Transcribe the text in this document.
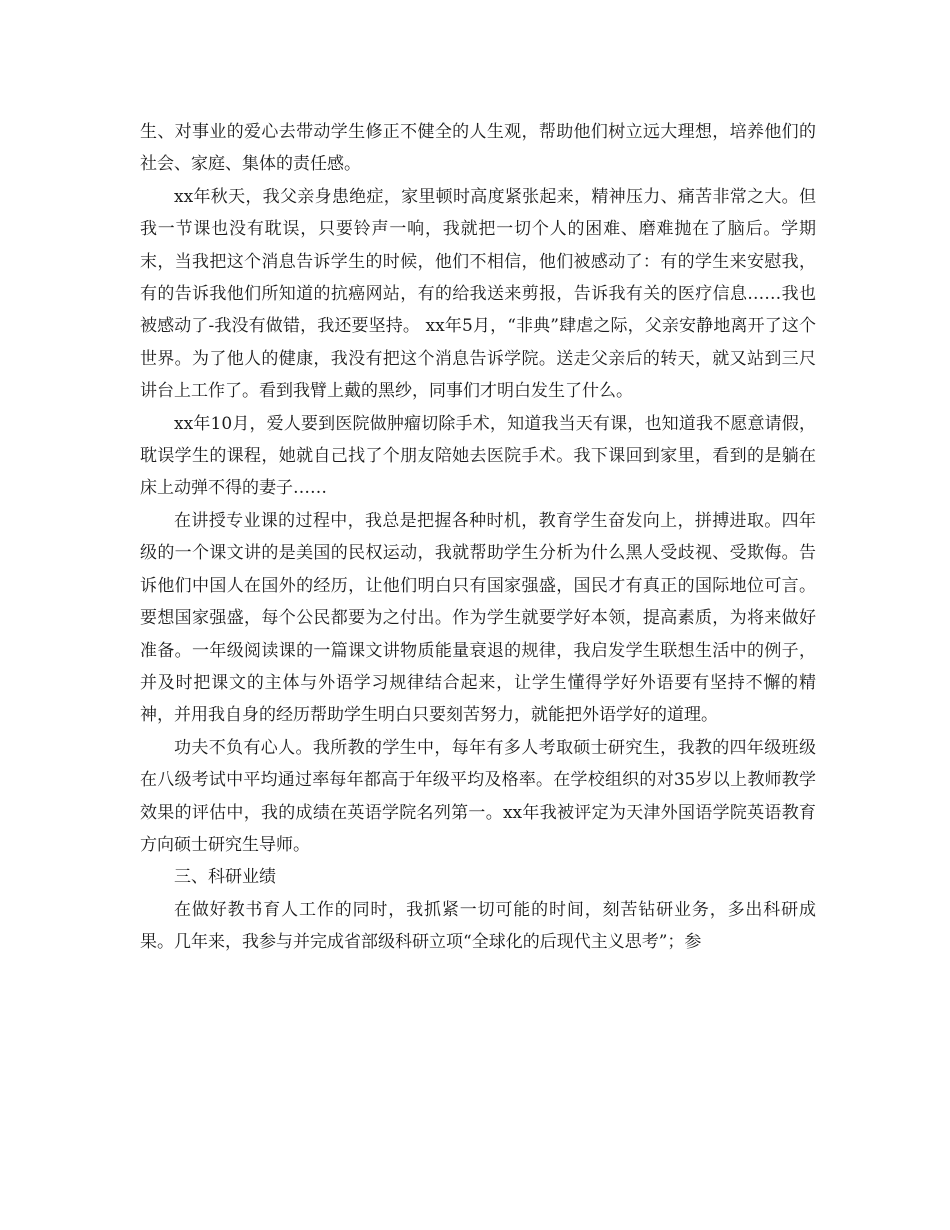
生、对事业的爱心去带动学生修正不健全的人生观，帮助他们树立远大理想，培养他们的社会、家庭、集体的责任感。

xx年秋天，我父亲身患绝症，家里顿时高度紧张起来，精神压力、痛苦非常之大。但我一节课也没有耽误，只要铃声一响，我就把一切个人的困难、磨难抛在了脑后。学期末，当我把这个消息告诉学生的时候，他们不相信，他们被感动了：有的学生来安慰我，有的告诉我他们所知道的抗癌网站，有的给我送来剪报，告诉我有关的医疗信息……我也被感动了-我没有做错，我还要坚持。 xx年5月，“非典”肆虐之际，父亲安静地离开了这个世界。为了他人的健康，我没有把这个消息告诉学院。送走父亲后的转天，就又站到三尺讲台上工作了。看到我臂上戴的黑纱，同事们才明白发生了什么。

xx年10月，爱人要到医院做肿瘤切除手术，知道我当天有课，也知道我不愿意请假，耽误学生的课程，她就自己找了个朋友陪她去医院手术。我下课回到家里，看到的是躺在床上动弹不得的妻子……

在讲授专业课的过程中，我总是把握各种时机，教育学生奋发向上，拼搏进取。四年级的一个课文讲的是美国的民权运动，我就帮助学生分析为什么黑人受歧视、受欺侮。告诉他们中国人在国外的经历，让他们明白只有国家强盛，国民才有真正的国际地位可言。要想国家强盛，每个公民都要为之付出。作为学生就要学好本领，提高素质，为将来做好准备。一年级阅读课的一篇课文讲物质能量衰退的规律，我启发学生联想生活中的例子，并及时把课文的主体与外语学习规律结合起来，让学生懂得学好外语要有坚持不懈的精神，并用我自身的经历帮助学生明白只要刻苦努力，就能把外语学好的道理。

功夫不负有心人。我所教的学生中，每年有多人考取硕士研究生，我教的四年级班级在八级考试中平均通过率每年都高于年级平均及格率。在学校组织的对35岁以上教师教学效果的评估中，我的成绩在英语学院名列第一。xx年我被评定为天津外国语学院英语教育方向硕士研究生导师。

三、科研业绩

在做好教书育人工作的同时，我抓紧一切可能的时间，刻苦钻研业务，多出科研成果。几年来，我参与并完成省部级科研立项“全球化的后现代主义思考”；参
